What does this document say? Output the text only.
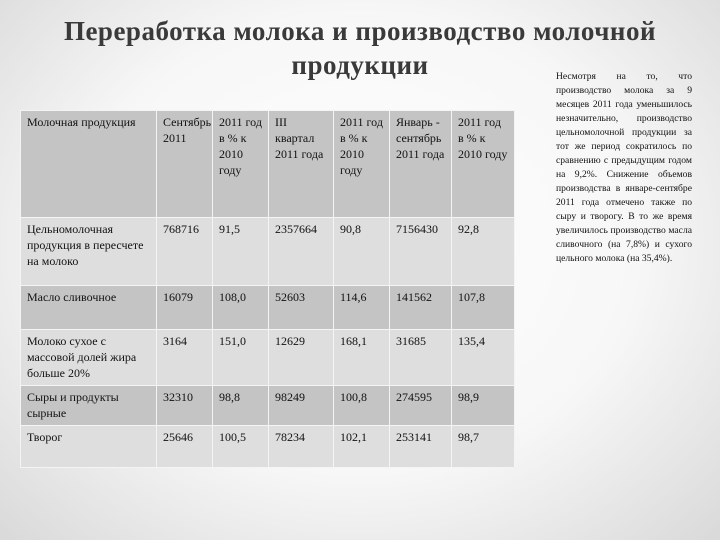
Переработка молока и производство молочной продукции	Несмотря на то, что производство молока за 9 месяцев 2011 года уменьшилось незначительно, производство цельномолочной продукции за тот же период сократилось по сравнению с предыдущим годом на 9,2%. Снижение объемов производства в январе-сентябре 2011 года отмечено также по сыру и творогу. В то же время увеличилось производство масла сливочного (на 7,8%) и сухого цельного молока (на 35,4%).
Молочная продукция	Сентябрь 2011	2011 год в % к 2010 году	III квартал 2011 года	2011 год в % к 2010 году	Январь - сентябрь 2011 года	2011 год в % к 2010 году
Цельномолочная продукция в пересчете на молоко	768716	91,5	2357664	90,8	7156430	92,8
Масло сливочное	16079	108,0	52603	114,6	141562	107,8
Молоко сухое с массовой долей жира больше 20%	3164	151,0	12629	168,1	31685	135,4
Сыры и продукты сырные	32310	98,8	98249	100,8	274595	98,9
Творог	25646	100,5	78234	102,1	253141	98,7
